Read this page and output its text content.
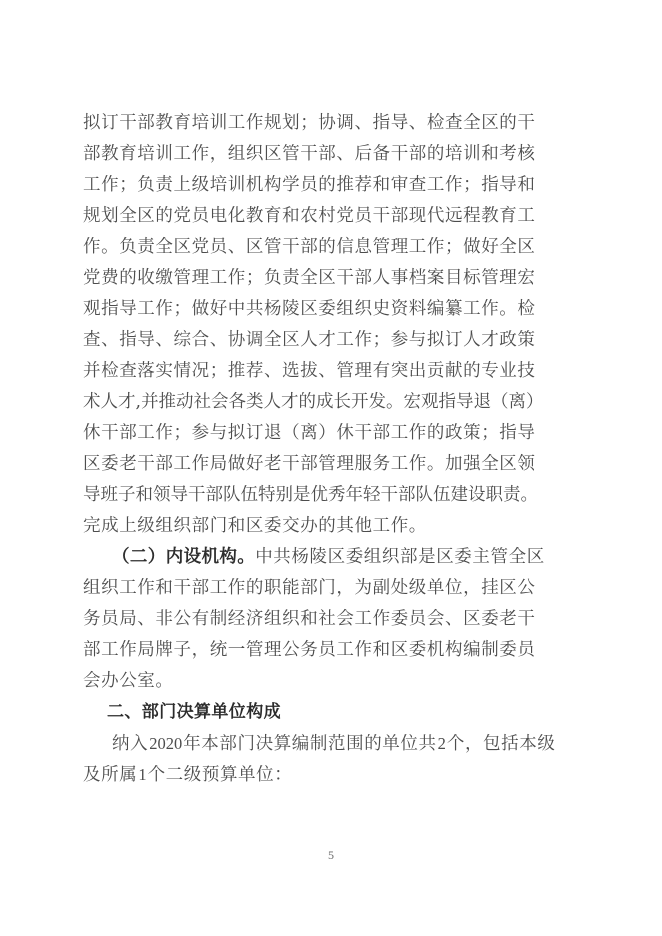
拟订干部教育培训工作规划；协调、指导、检查全区的干
部教育培训工作，组织区管干部、后备干部的培训和考核
工作；负责上级培训机构学员的推荐和审查工作；指导和
规划全区的党员电化教育和农村党员干部现代远程教育工
作。负责全区党员、区管干部的信息管理工作；做好全区
党费的收缴管理工作；负责全区干部人事档案目标管理宏
观指导工作；做好中共杨陵区委组织史资料编纂工作。检
查、指导、综合、协调全区人才工作；参与拟订人才政策
并检查落实情况；推荐、选拔、管理有突出贡献的专业技
术人才,并推动社会各类人才的成长开发。宏观指导退（离）
休干部工作；参与拟订退（离）休干部工作的政策；指导
区委老干部工作局做好老干部管理服务工作。加强全区领
导班子和领导干部队伍特别是优秀年轻干部队伍建设职责。
完成上级组织部门和区委交办的其他工作。
（二）内设机构。中共杨陵区委组织部是区委主管全区
组织工作和干部工作的职能部门，为副处级单位，挂区公
务员局、非公有制经济组织和社会工作委员会、区委老干
部工作局牌子，统一管理公务员工作和区委机构编制委员
会办公室。
二、部门决算单位构成
纳入2020年本部门决算编制范围的单位共2个，包括本级
及所属1个二级预算单位：
5
